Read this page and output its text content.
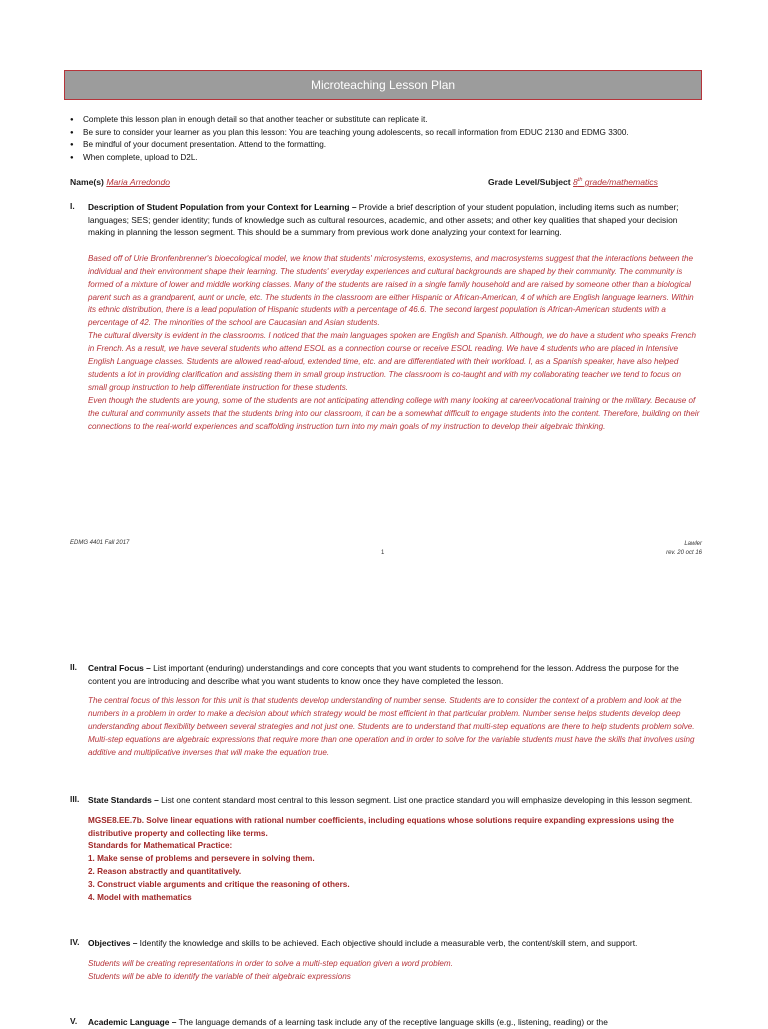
Microteaching Lesson Plan
● Complete this lesson plan in enough detail so that another teacher or substitute can replicate it.
● Be sure to consider your learner as you plan this lesson: You are teaching young adolescents, so recall information from EDUC 2130 and EDMG 3300.
● Be mindful of your document presentation. Attend to the formatting.
● When complete, upload to D2L.
Name(s) Maria Arredondo	Grade Level/Subject 8th grade/mathematics
I. Description of Student Population from your Context for Learning – Provide a brief description of your student population, including items such as number; languages; SES; gender identity; funds of knowledge such as cultural resources, academic, and other assets; and other key qualities that shaped your decision making in planning the lesson segment. This should be a summary from previous work done analyzing your context for learning.

Based off of Urie Bronfenbrenner's bioecological model, we know that students' microsystems, exosystems, and macrosystems suggest that the interactions between the individual and their environment shape their learning. The students' everyday experiences and cultural backgrounds are shaped by their community. The community is formed of a mixture of lower and middle working classes. Many of the students are raised in a single family household and are raised by someone other than a biological parent such as a grandparent, aunt or uncle, etc. The students in the classroom are either Hispanic or African-American, 4 of which are English language learners. Within its ethnic distribution, there is a lead population of Hispanic students with a percentage of 46.6. The second largest population is African-American students with a percentage of 42. The minorities of the school are Caucasian and Asian students.

The cultural diversity is evident in the classrooms. I noticed that the main languages spoken are English and Spanish. Although, we do have a student who speaks French in French. As a result, we have several students who attend ESOL as a connection course or receive ESOL reading. We have 4 students who are placed in Intensive English Language classes. Students are allowed read-aloud, extended time, etc. and are differentiated with their workload. I, as a Spanish speaker, have also helped students a lot in providing clarification and assisting them in small group instruction. The classroom is co-taught and with my collaborating teacher we tend to focus on small group instruction to help differentiate instruction for these students.

Even though the students are young, some of the students are not anticipating attending college with many looking at career/vocational training or the military. Because of the cultural and community assets that the students bring into our classroom, it can be a somewhat difficult to engage students into the content. Therefore, building on their connections to the real-world experiences and scaffolding instruction turn into my main goals of my instruction to develop their algebraic thinking.

EDMG 4401 Fall 2017
1
Lawler
rev. 20 oct 16
II. Central Focus – List important (enduring) understandings and core concepts that you want students to comprehend for the lesson. Address the purpose for the content you are introducing and describe what you want students to know once they have completed the lesson.

The central focus of this lesson for this unit is that students develop understanding of number sense. Students are to consider the context of a problem and look at the numbers in a problem in order to make a decision about which strategy would be most efficient in that particular problem. Number sense helps students develop deep understanding about flexibility between several strategies and not just one. Students are to understand that multi-step equations are there to help students problem solve. Multi-step equations are algebraic expressions that require more than one operation and in order to solve for the variable students must have the skills that involves using additive and multiplicative inverses that will make the equation true.

III. State Standards – List one content standard most central to this lesson segment. List one practice standard you will emphasize developing in this lesson segment.

MGSE8.EE.7b. Solve linear equations with rational number coefficients, including equations whose solutions require expanding expressions using the distributive property and collecting like terms.

Standards for Mathematical Practice:

1. Make sense of problems and persevere in solving them.

2. Reason abstractly and quantitatively.

3. Construct viable arguments and critique the reasoning of others.

4. Model with mathematics

IV. Objectives – Identify the knowledge and skills to be achieved. Each objective should include a measurable verb, the content/skill stem, and support.

Students will be creating representations in order to solve a multi-step equation given a word problem.

Students will be able to identify the variable of their algebraic expressions

V. Academic Language – The language demands of a learning task include any of the receptive language skills (e.g., listening, reading) or the
